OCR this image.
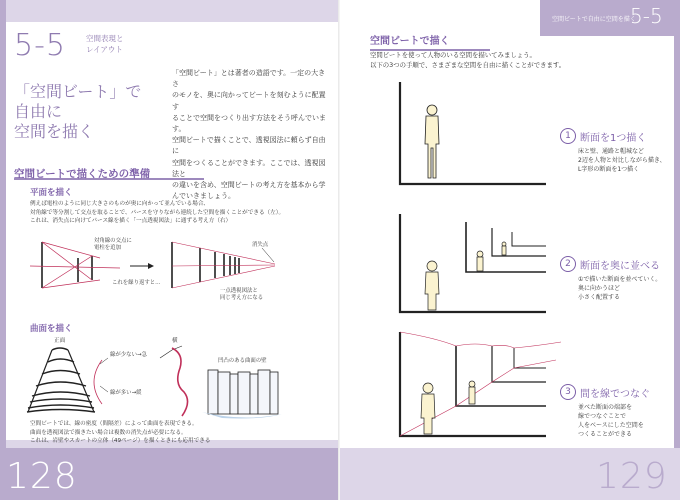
5-5	空間表現と
レイアウト
「空間ビート」で
自由に
空間を描く
「空間ビート」とは著者の造語です。一定の大きさ
のモノを、奥に向かってビートを刻むように配置す
ることで空間をつくり出す方法をそう呼んでいます。
空間ビートで描くことで、透視図法に頼らず自由に
空間をつくることができます。ここでは、透視図法と
の違いを含め、空間ビートの考え方を基本から学
んでいきましょう。
空間ビートで描くための準備
平面を描く
例えば電柱のように同じ大きさのものが奥に向かって並んでいる場合、
対角線で等分割して交点を取ることで、パースを守りながら連続した空間を描くことができる（左）。
これは、消失点に向けてパース線を描く「一点透視図法」に通ずる考え方（右）
対角線の交点に
電柱を追加
これを繰り返すと…
消失点
一点透視図法と
同じ考え方になる
曲面を描く
正面
線が少ない→急
線が多い→緩
横
凹凸のある曲面の壁
空間ビートでは、線の密度（間隔差）によって曲面を表現できる。
曲面を透視図法で描きたい場合は複数の消失点が必要になる。
これは、岩壁やスカートの立体（49ページ）を描くときにも応用できる
128
空間ビートで自由に空間を描く
5-5
空間ビートで描く
空間ビートを使って人物のいる空間を描いてみましょう。
以下の3つの手順で、さまざまな空間を自由に描くことができます。
1 断面を1つ描く
床と壁、通路と帽城など
2辺を人物と対比しながら描き、
L字形の断面を1つ描く
2 断面を奥に並べる
①で描いた断面を並べていく。
奥に向かうほど
小さく配置する
3 間を線でつなぐ
並べた断面の端部を
線でつなぐことで
人をベースにした空間を
つくることができる
129
